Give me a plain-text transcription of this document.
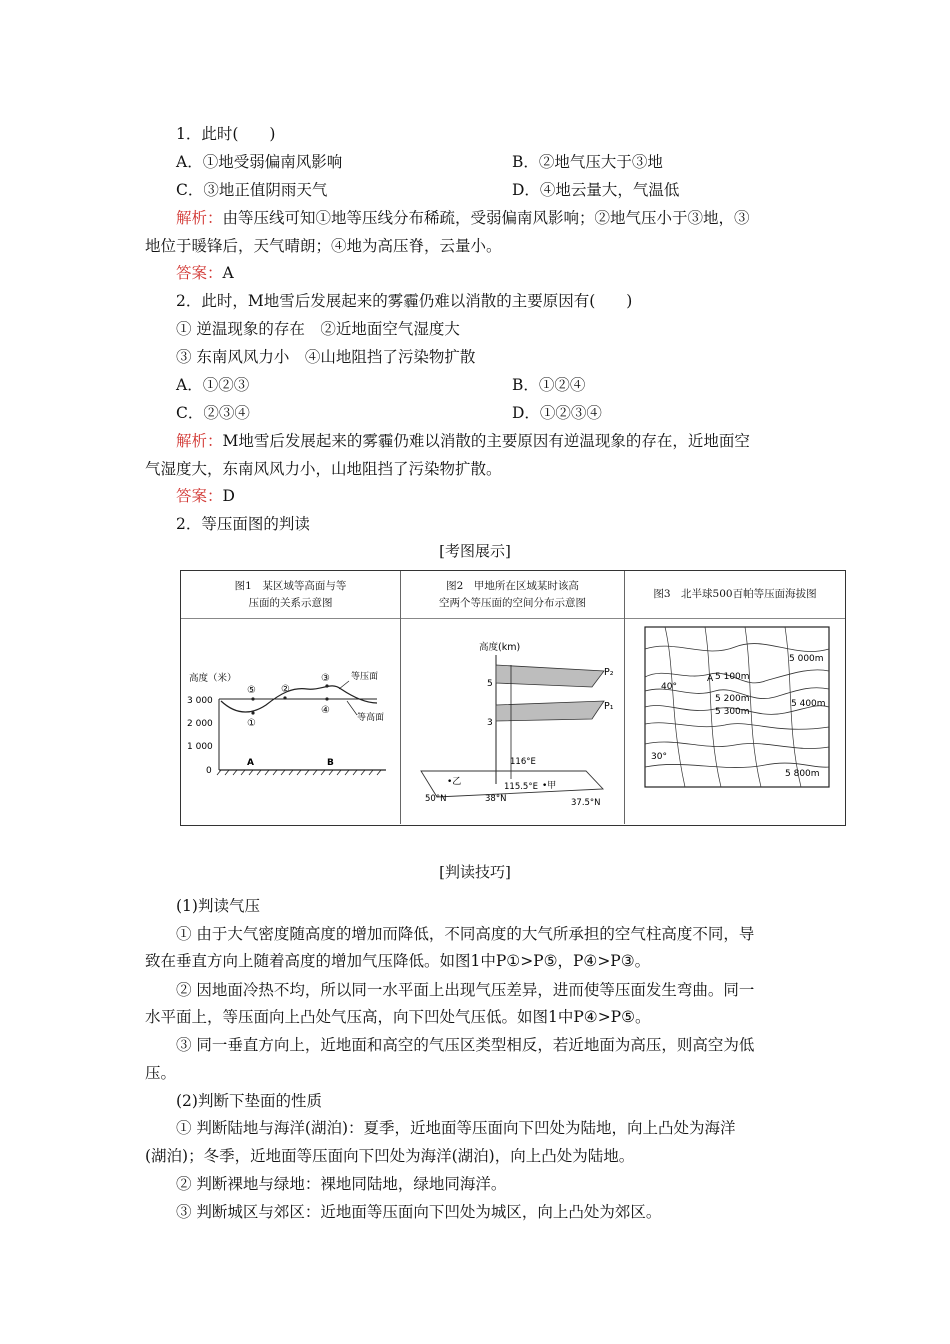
1．此时(　　)
A．①地受弱偏南风影响	B．②地气压大于③地
C．③地正值阴雨天气	D．④地云量大，气温低
解析：由等压线可知①地等压线分布稀疏，受弱偏南风影响；②地气压小于③地，③
地位于暖锋后，天气晴朗；④地为高压脊，云量小。
答案：A
2．此时，M地雪后发展起来的雾霾仍难以消散的主要原因有(　　)
① 逆温现象的存在　②近地面空气湿度大
③ 东南风风力小　④山地阻挡了污染物扩散
A．①②③	B．①②④
C．②③④	D．①②③④
解析：M地雪后发展起来的雾霾仍难以消散的主要原因有逆温现象的存在，近地面空
气湿度大，东南风风力小，山地阻挡了污染物扩散。
答案：D
2．等压面图的判读
[考图展示]
图1　某区域等高面与等
压面的关系示意图
高度（米）
3 000
2 000
1 000
0
⑤	②
③
①
④
等压面
等高面
A	B
图2　甲地所在区域某时该高
空两个等压面的空间分布示意图
高度(km)
5
3
P₂
P₁
116°E
115.5°E
•乙	•甲
50°N	38°N	37.5°N
图3　北半球500百帕等压面海拔图
5 000m
5 100m
5 200m
5 300m
5 400m
5 800m
A
40°
30°
[判读技巧]
(1)判读气压
① 由于大气密度随高度的增加而降低，不同高度的大气所承担的空气柱高度不同，导
致在垂直方向上随着高度的增加气压降低。如图1中P①>P⑤，P④>P③。
② 因地面冷热不均，所以同一水平面上出现气压差异，进而使等压面发生弯曲。同一
水平面上，等压面向上凸处气压高，向下凹处气压低。如图1中P④>P⑤。
③ 同一垂直方向上，近地面和高空的气压区类型相反，若近地面为高压，则高空为低
压。
(2)判断下垫面的性质
① 判断陆地与海洋(湖泊)：夏季，近地面等压面向下凹处为陆地，向上凸处为海洋
(湖泊)；冬季，近地面等压面向下凹处为海洋(湖泊)，向上凸处为陆地。
② 判断裸地与绿地：裸地同陆地，绿地同海洋。
③ 判断城区与郊区：近地面等压面向下凹处为城区，向上凸处为郊区。
